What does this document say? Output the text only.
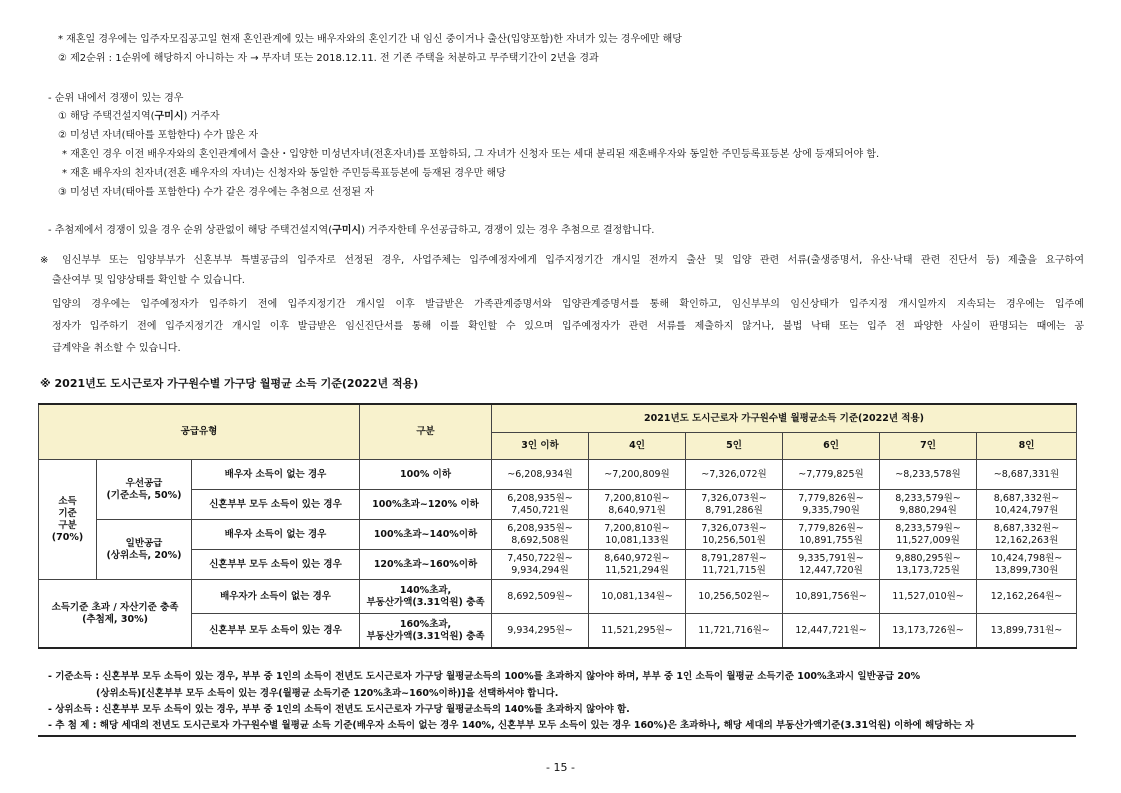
* 재혼일 경우에는 입주자모집공고일 현재 혼인관계에 있는 배우자와의 혼인기간 내 임신 중이거나 출산(입양포함)한 자녀가 있는 경우에만 해당
② 제2순위 : 1순위에 해당하지 아니하는 자 → 무자녀 또는 2018.12.11. 전 기존 주택을 처분하고 무주택기간이 2년을 경과
- 순위 내에서 경쟁이 있는 경우
① 해당 주택건설지역(구미시) 거주자
② 미성년 자녀(태아를 포함한다) 수가 많은 자
* 재혼인 경우 이전 배우자와의 혼인관계에서 출산・입양한 미성년자녀(전혼자녀)를 포함하되, 그 자녀가 신청자 또는 세대 분리된 재혼배우자와 동일한 주민등록표등본 상에 등재되어야 함.
* 재혼 배우자의 친자녀(전혼 배우자의 자녀)는 신청자와 동일한 주민등록표등본에 등재된 경우만 해당
③ 미성년 자녀(태아를 포함한다) 수가 같은 경우에는 추첨으로 선정된 자
- 추첨제에서 경쟁이 있을 경우 순위 상관없이 해당 주택건설지역(구미시) 거주자한테 우선공급하고, 경쟁이 있는 경우 추첨으로 결정합니다.
※ 임신부부 또는 입양부부가 신혼부부 특별공급의 입주자로 선정된 경우, 사업주체는 입주예정자에게 입주지정기간 개시일 전까지 출산 및 입양 관련 서류(출생증명서, 유산·낙태 관련 진단서 등) 제출을 요구하여
출산여부 및 입양상태를 확인할 수 있습니다.
입양의 경우에는 입주예정자가 입주하기 전에 입주지정기간 개시일 이후 발급받은 가족관계증명서와 입양관계증명서를 통해 확인하고, 임신부부의 임신상태가 입주지정 개시일까지 지속되는 경우에는 입주예
정자가 입주하기 전에 입주지정기간 개시일 이후 발급받은 임신진단서를 통해 이를 확인할 수 있으며 입주예정자가 관련 서류를 제출하지 않거나, 불법 낙태 또는 입주 전 파양한 사실이 판명되는 때에는 공
급계약을 취소할 수 있습니다.
※ 2021년도 도시근로자 가구원수별 가구당 월평균 소득 기준(2022년 적용)
공급유형			구분	2021년도 도시근로자 가구원수별 월평균소득 기준(2022년 적용)					
				3인 이하	4인	5인	6인	7인	8인
소득
기준
구분
(70%)	우선공급
(기준소득, 50%)	배우자 소득이 없는 경우	100% 이하	~6,208,934원	~7,200,809원	~7,326,072원	~7,779,825원	~8,233,578원	~8,687,331원
		신혼부부 모두 소득이 있는 경우	100%초과~120% 이하	6,208,935원~
7,450,721원	7,200,810원~
8,640,971원	7,326,073원~
8,791,286원	7,779,826원~
9,335,790원	8,233,579원~
9,880,294원	8,687,332원~
10,424,797원
	일반공급
(상위소득, 20%)	배우자 소득이 없는 경우	100%초과~140%이하	6,208,935원~
8,692,508원	7,200,810원~
10,081,133원	7,326,073원~
10,256,501원	7,779,826원~
10,891,755원	8,233,579원~
11,527,009원	8,687,332원~
12,162,263원
		신혼부부 모두 소득이 있는 경우	120%초과~160%이하	7,450,722원~
9,934,294원	8,640,972원~
11,521,294원	8,791,287원~
11,721,715원	9,335,791원~
12,447,720원	9,880,295원~
13,173,725원	10,424,798원~
13,899,730원
소득기준 초과 / 자산기준 충족
(추첨제, 30%)		배우자가 소득이 없는 경우	140%초과,
부동산가액(3.31억원) 충족	8,692,509원~	10,081,134원~	10,256,502원~	10,891,756원~	11,527,010원~	12,162,264원~
		신혼부부 모두 소득이 있는 경우	160%초과,
부동산가액(3.31억원) 충족	9,934,295원~	11,521,295원~	11,721,716원~	12,447,721원~	13,173,726원~	13,899,731원~
- 기준소득 : 신혼부부 모두 소득이 있는 경우, 부부 중 1인의 소득이 전년도 도시근로자 가구당 월평균소득의 100%를 초과하지 않아야 하며, 부부 중 1인 소득이 월평균 소득기준 100%초과시 일반공급 20%
(상위소득)[신혼부부 모두 소득이 있는 경우(월평균 소득기준 120%초과~160%이하)]을 선택하셔야 합니다.
- 상위소득 : 신혼부부 모두 소득이 있는 경우, 부부 중 1인의 소득이 전년도 도시근로자 가구당 월평균소득의 140%를 초과하지 않아야 함.
- 추 첨 제 : 해당 세대의 전년도 도시근로자 가구원수별 월평균 소득 기준(배우자 소득이 없는 경우 140%, 신혼부부 모두 소득이 있는 경우 160%)은 초과하나, 해당 세대의 부동산가액기준(3.31억원) 이하에 해당하는 자
- 15 -
